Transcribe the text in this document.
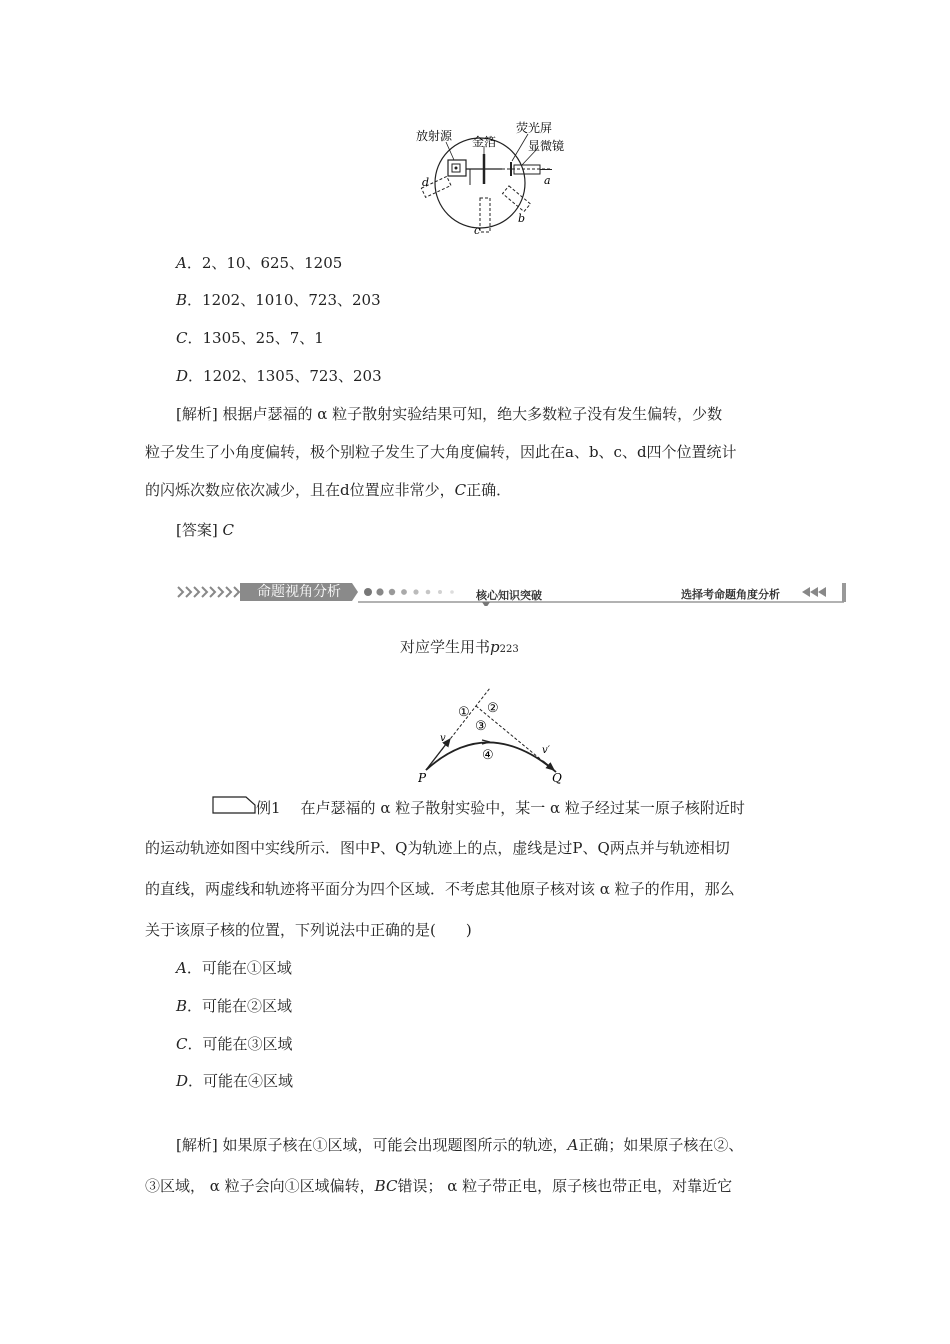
放射源 金箔
荧光屏
显微镜
a
b
c
d
A．2、10、625、1205
B．1202、1010、723、203
C．1305、25、7、1
D．1202、1305、723、203
[解析] 根据卢瑟福的 α 粒子散射实验结果可知，绝大多数粒子没有发生偏转，少数
粒子发生了小角度偏转，极个别粒子发生了大角度偏转，因此在a、b、c、d四个位置统计
的闪烁次数应依次减少，且在d位置应非常少，C正确．
[答案] C
命题视角分析	核心知识突破	选择考命题角度分析
对应学生用书p223
① ②
③
④
v
v′
P	Q
例1 在卢瑟福的 α 粒子散射实验中，某一 α 粒子经过某一原子核附近时
的运动轨迹如图中实线所示．图中P、Q为轨迹上的点，虚线是过P、Q两点并与轨迹相切
的直线，两虚线和轨迹将平面分为四个区域．不考虑其他原子核对该 α 粒子的作用，那么
关于该原子核的位置，下列说法中正确的是(　　)
A．可能在①区域
B．可能在②区域
C．可能在③区域
D．可能在④区域
[解析] 如果原子核在①区域，可能会出现题图所示的轨迹，A正确；如果原子核在②、
③区域， α 粒子会向①区域偏转，BC错误； α 粒子带正电，原子核也带正电，对靠近它
